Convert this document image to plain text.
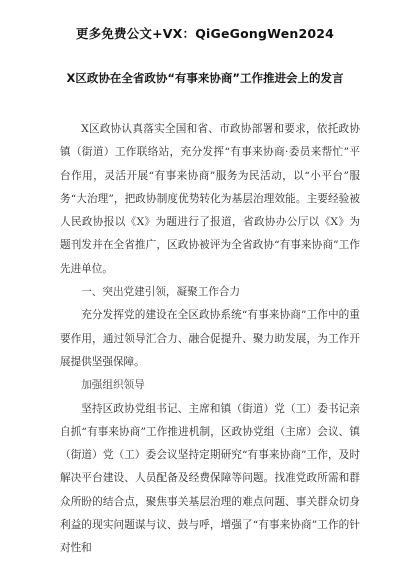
更多免费公文+VX：QiGeGongWen2024
X区政协在全省政协“有事来协商”工作推进会上的发言

X区政协认真落实全国和省、市政协部署和要求，依托政协镇（街道）工作联络站，充分发挥“有事来协商·委员来帮忙”平台作用，灵活开展“有事来协商”服务为民活动，以“小平台”服务“大治理”，把政协制度优势转化为基层治理效能。主要经验被人民政协报以《X》为题进行了报道，省政协办公厅以《X》为题刊发并在全省推广，区政协被评为全省政协“有事来协商”工作先进单位。

一、突出党建引领，凝聚工作合力

充分发挥党的建设在全区政协系统“有事来协商”工作中的重要作用，通过领导汇合力、融合促提升、聚力助发展，为工作开展提供坚强保障。

加强组织领导

坚持区政协党组书记、主席和镇（街道）党（工）委书记亲自抓“有事来协商”工作推进机制，区政协党组（主席）会议、镇（街道）党（工）委会议坚持定期研究“有事来协商”工作，及时解决平台建设、人员配备及经费保障等问题。找准党政所需和群众所盼的结合点，聚焦事关基层治理的难点问题、事关群众切身利益的现实问题谋与议、鼓与呼，增强了“有事来协商”工作的针对性和
